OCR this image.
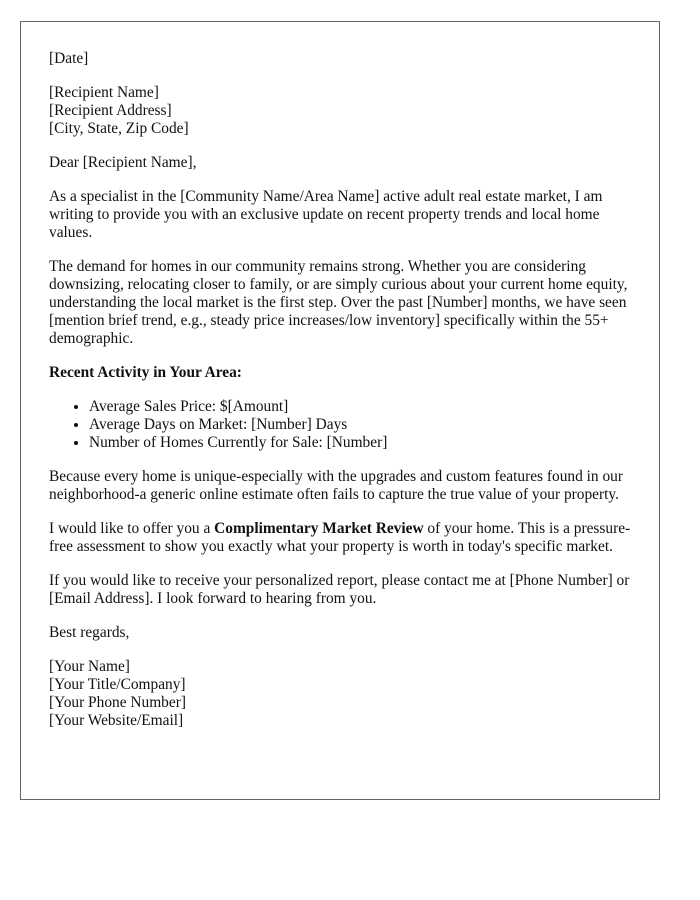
[Date]
[Recipient Name]
[Recipient Address]
[City, State, Zip Code]

Dear [Recipient Name],

As a specialist in the [Community Name/Area Name] active adult real estate market, I am writing to provide you with an exclusive update on recent property trends and local home values.

The demand for homes in our community remains strong. Whether you are considering downsizing, relocating closer to family, or are simply curious about your current home equity, understanding the local market is the first step. Over the past [Number] months, we have seen [mention brief trend, e.g., steady price increases/low inventory] specifically within the 55+ demographic.

Recent Activity in Your Area:
• Average Sales Price: $[Amount]
• Average Days on Market: [Number] Days
• Number of Homes Currently for Sale: [Number]

Because every home is unique-especially with the upgrades and custom features found in our neighborhood-a generic online estimate often fails to capture the true value of your property.

I would like to offer you a Complimentary Market Review of your home. This is a pressure-free assessment to show you exactly what your property is worth in today's specific market.

If you would like to receive your personalized report, please contact me at [Phone Number] or [Email Address]. I look forward to hearing from you.

Best regards,

[Your Name]
[Your Title/Company]
[Your Phone Number]
[Your Website/Email]
